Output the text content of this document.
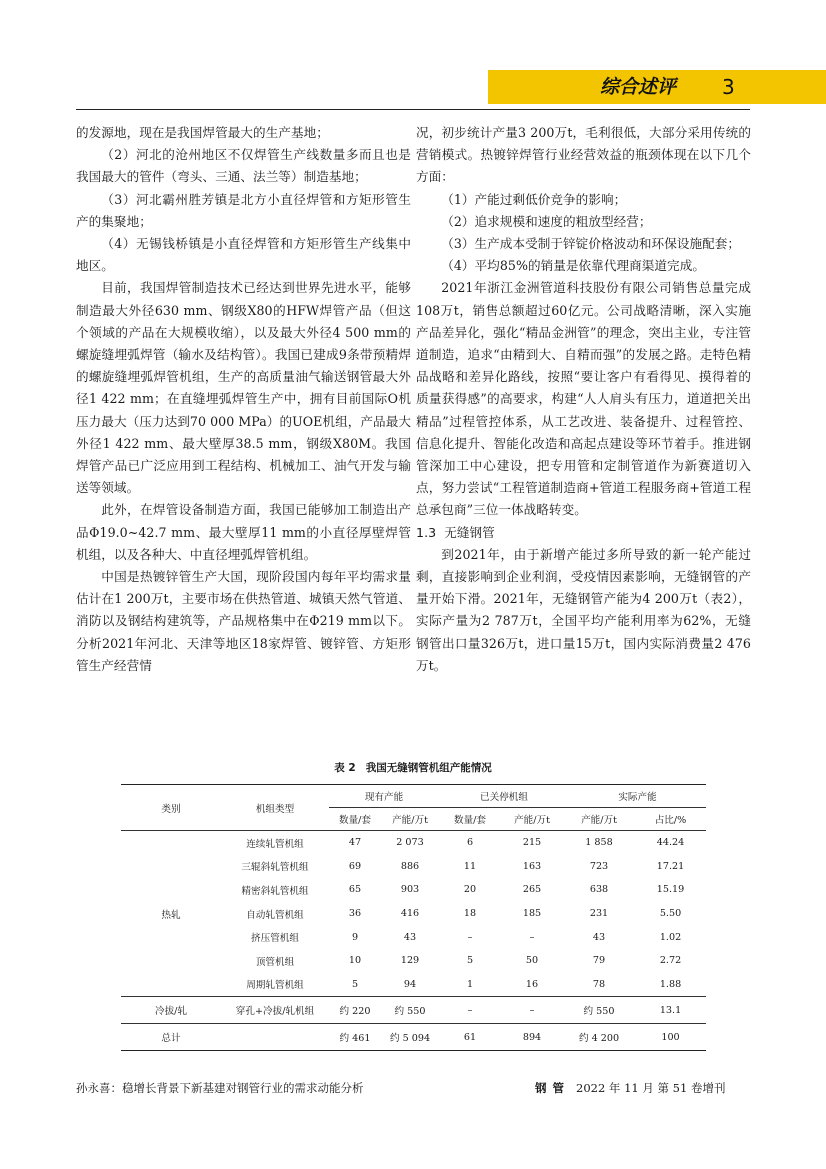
综合述评 3

的发源地，现在是我国焊管最大的生产基地；

（2）河北的沧州地区不仅焊管生产线数量多而且也是我国最大的管件（弯头、三通、法兰等）制造基地；

（3）河北霸州胜芳镇是北方小直径焊管和方矩形管生产的集聚地；

（4）无锡钱桥镇是小直径焊管和方矩形管生产线集中地区。

目前，我国焊管制造技术已经达到世界先进水平，能够制造最大外径630 mm、钢级X80的HFW焊管产品（但这个领域的产品在大规模收缩），以及最大外径4 500 mm的螺旋缝埋弧焊管（输水及结构管）。我国已建成9条带预精焊的螺旋缝埋弧焊管机组，生产的高质量油气输送钢管最大外径1 422 mm；在直缝埋弧焊管生产中，拥有目前国际O机压力最大（压力达到70 000 MPa）的UOE机组，产品最大外径1 422 mm、最大壁厚38.5 mm，钢级X80M。我国焊管产品已广泛应用到工程结构、机械加工、油气开发与输送等领域。

此外，在焊管设备制造方面，我国已能够加工制造出产品Φ19.0~42.7 mm、最大壁厚11 mm的小直径厚壁焊管机组，以及各种大、中直径埋弧焊管机组。

中国是热镀锌管生产大国，现阶段国内每年平均需求量估计在1 200万t，主要市场在供热管道、城镇天然气管道、消防以及钢结构建筑等，产品规格集中在Φ219 mm以下。分析2021年河北、天津等地区18家焊管、镀锌管、方矩形管生产经营情

况，初步统计产量3 200万t，毛利很低，大部分采用传统的营销模式。热镀锌焊管行业经营效益的瓶颈体现在以下几个方面：

（1）产能过剩低价竞争的影响；

（2）追求规模和速度的粗放型经营；

（3）生产成本受制于锌锭价格波动和环保设施配套；

（4）平均85%的销量是依靠代理商渠道完成。

2021年浙江金洲管道科技股份有限公司销售总量完成108万t，销售总额超过60亿元。公司战略清晰，深入实施产品差异化，强化“精品金洲管”的理念，突出主业，专注管道制造，追求“由精到大、自精而强”的发展之路。走特色精品战略和差异化路线，按照“要让客户有看得见、摸得着的质量获得感”的高要求，构建“人人肩头有压力，道道把关出精品”过程管控体系，从工艺改进、装备提升、过程管控、信息化提升、智能化改造和高起点建设等环节着手。推进钢管深加工中心建设，把专用管和定制管道作为新赛道切入点，努力尝试“工程管道制造商+管道工程服务商+管道工程总承包商”三位一体战略转变。

1.3 无缝钢管

到2021年，由于新增产能过多所导致的新一轮产能过剩，直接影响到企业利润，受疫情因素影响，无缝钢管的产量开始下滑。2021年，无缝钢管产能为4 200万t（表2），实际产量为2 787万t，全国平均产能利用率为62%，无缝钢管出口量326万t，进口量15万t，国内实际消费量2 476万t。

表 2 我国无缝钢管机组产能情况
类别	机组类型	现有产能		已关停机组		实际产能	
		数量/套	产能/万t	数量/套	产能/万t	产能/万t	占比/%
热轧	连续轧管机组	47	2 073	6	215	1 858	44.24
	三辊斜轧管机组	69	886	11	163	723	17.21
	精密斜轧管机组	65	903	20	265	638	15.19
	自动轧管机组	36	416	18	185	231	5.50
	挤压管机组	9	43	–	–	43	1.02
	顶管机组	10	129	5	50	79	2.72
	周期轧管机组	5	94	1	16	78	1.88
冷拔/轧	穿孔+冷拔/轧机组	约 220	约 550	–	–	约 550	13.1
总计		约 461	约 5 094	61	894	约 4 200	100
孙永喜：稳增长背景下新基建对钢管行业的需求动能分析	钢管 2022 年 11 月 第 51 卷增刊
